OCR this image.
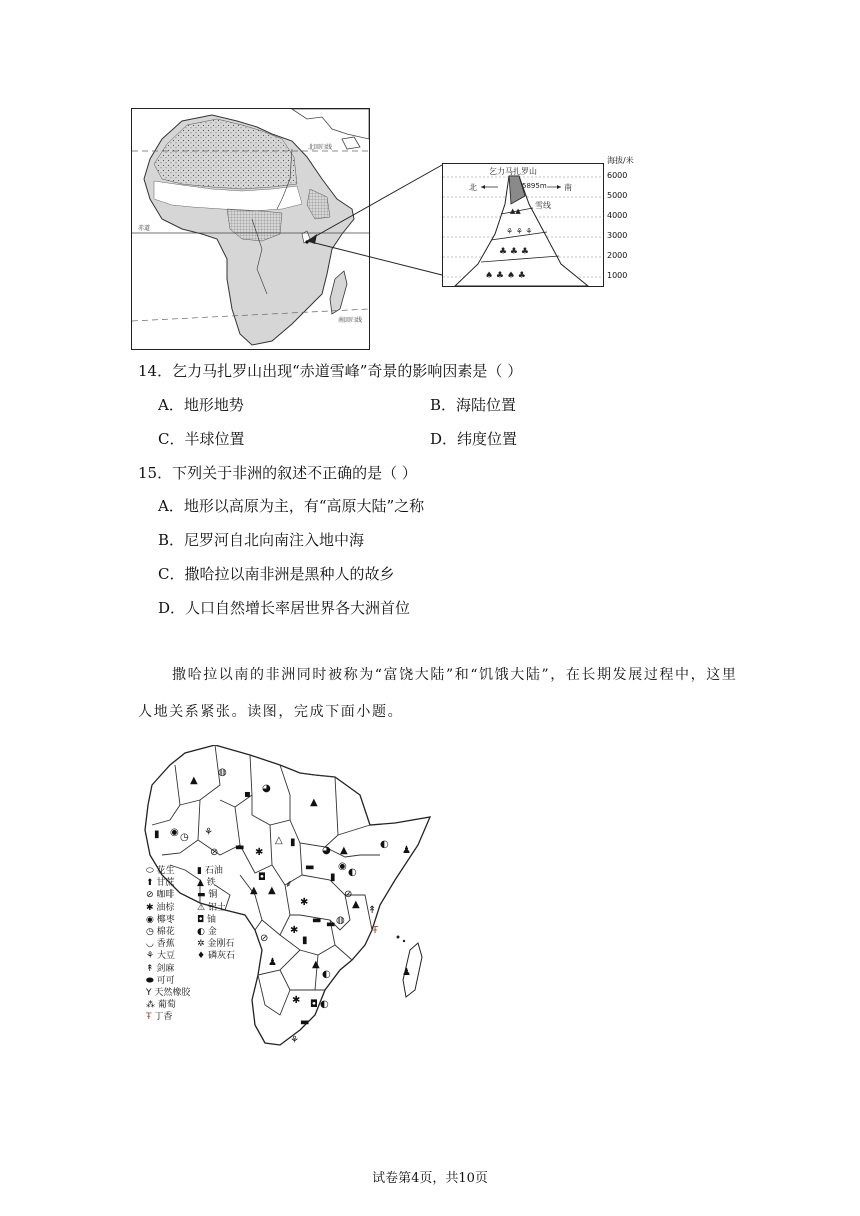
北回归线
赤道
南回归线
▲▲
⚘ ⚘ ⚘
♣ ♣ ♣
♠ ♣ ♠ ♣
乞力马扎罗山
北	5895m 南
雪线
海拔/米
6000
5000
4000
3000
2000
1000
14．乞力马扎罗山出现“赤道雪峰”奇景的影响因素是（ ）
A．地形地势	B．海陆位置
C．半球位置	D．纬度位置
15．下列关于非洲的叙述不正确的是（ ）
A．地形以高原为主，有“高原大陆”之称
B．尼罗河自北向南注入地中海
C．撒哈拉以南非洲是黑种人的故乡
D．人口自然增长率居世界各大洲首位
撒哈拉以南的非洲同时被称为“富饶大陆”和“饥饿大陆”，在长期发展过程中，这里人地关系紧张。读图，完成下面小题。
▲
◍
▪
◕
▲
◉ ◷
▮	⚘
⊘ ▬ ✱
△ ▮
◕ ▲
◐
♟
▬
▮ ◐
◉
◘
▲ ▲
⸙
✱
▬ ▬ ◍
⊘
▲
↟
⊘
♟
✱
▮
▲
◐
✱ ◘ ◐
▬
⚘
♟
Ŧ
⬭ 花生
⬆ 甘蔗
⊘ 咖啡
✱ 油棕
◉ 椰枣
◷ 棉花
◡ 香蕉
⚘ 大豆
↟ 剑麻
⬬ 可可
Y 天然橡胶
⁂ 葡萄
Ŧ 丁香
▮ 石油
▲ 铁
▬ 铜
⚠ 铝土
◘ 铀
◐ 金
✲ 金刚石
♦ 磷灰石
试卷第4页，共10页
